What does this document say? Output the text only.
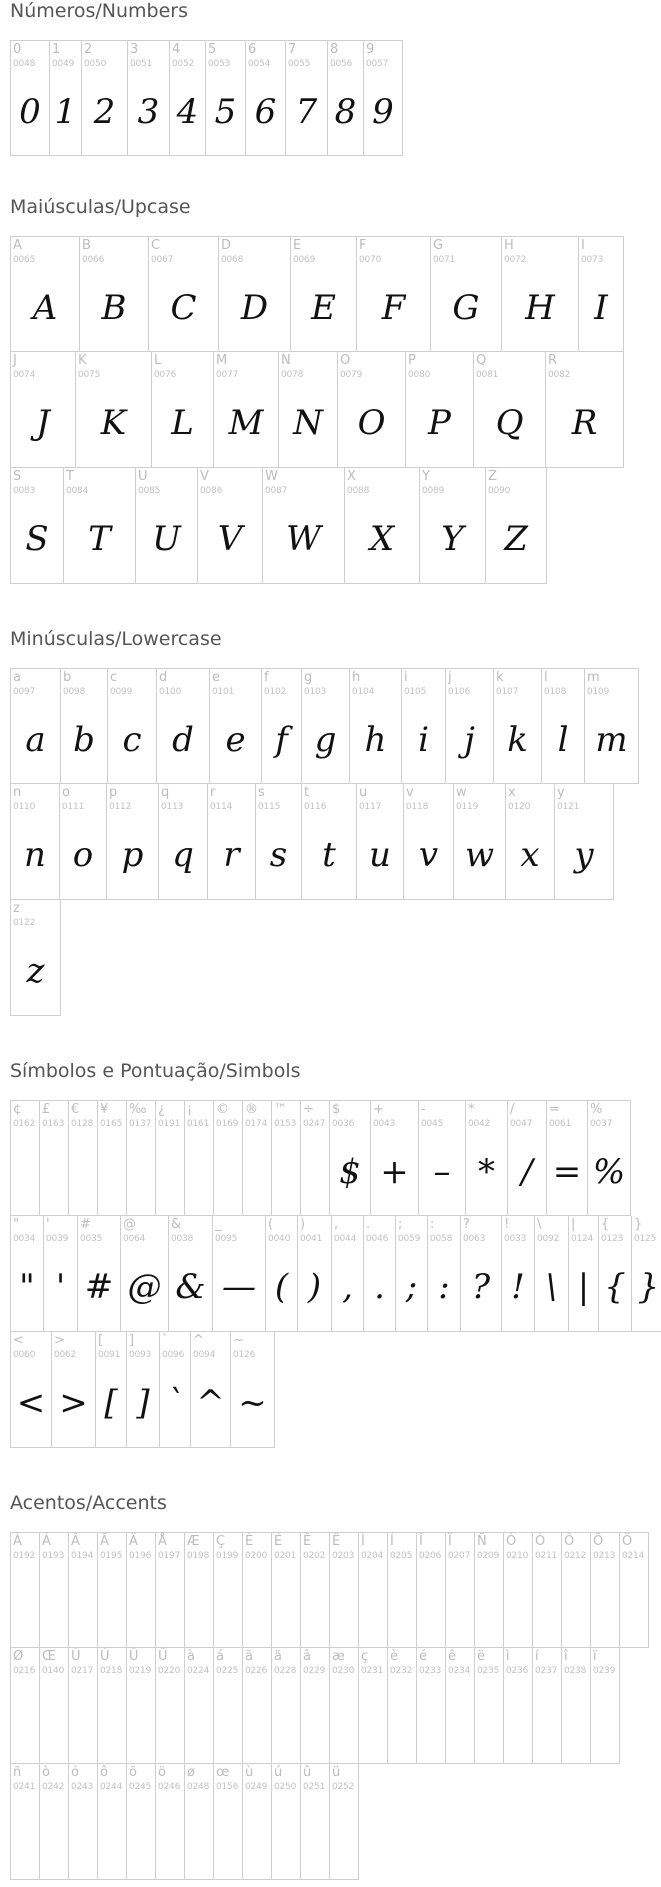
Números/Numbers
0
0048
0
1
0049
1
2
0050
2
3
0051
3
4
0052
4
5
0053
5
6
0054
6
7
0055
7
8
0056
8
9
0057
9
Maiúsculas/Upcase
A
0065
A
B
0066
B
C
0067
C
D
0068
D
E
0069
E
F
0070
F
G
0071
G
H
0072
H
I
0073
I
J
0074
J
K
0075
K
L
0076
L
M
0077
M
N
0078
N
O
0079
O
P
0080
P
Q
0081
Q
R
0082
R
S
0083
S
T
0084
T
U
0085
U
V
0086
V
W
0087
W
X
0088
X
Y
0089
Y
Z
0090
Z
Minúsculas/Lowercase
a
0097
a
b
0098
b
c
0099
c
d
0100
d
e
0101
e
f
0102
f
g
0103
g
h
0104
h
i
0105
i
j
0106
j
k
0107
k
l
0108
l
m
0109
m
n
0110
n
o
0111
o
p
0112
p
q
0113
q
r
0114
r
s
0115
s
t
0116
t
u
0117
u
v
0118
v
w
0119
w
x
0120
x
y
0121
y
z
0122
z
Símbolos e Pontuação/Simbols
¢
0162
£
0163
€
0128
¥
0165
‰
0137
¿
0191
¡
0161
©
0169
®
0174
™
0153
÷
0247
$
0036
$
+
0043
+
-
0045
–
*
0042
*
/
0047
/
=
0061
=
%
0037
%
"
0034
"
'
0039
'
#
0035
#
@
0064
@
&
0038
&
_
0095
—
(
0040
(
)
0041
)
,
0044
,
.
0046
.
;
0059
;
:
0058
:
?
0063
?
!
0033
!
\
0092
\
|
0124
|
{
0123
{
}
0125
}
<
0060
<
>
0062
>
[
0091
[
]
0093
]
`
0096
`
^
0094
^
~
0126
~
Acentos/Accents
À
0192
Á
0193
Â
0194
Ã
0195
Ä
0196
Å
0197
Æ
0198
Ç
0199
È
0200
É
0201
Ê
0202
Ë
0203
Ì
0204
Í
0205
Î
0206
Ï
0207
Ñ
0209
Ò
0210
Ó
0211
Ô
0212
Õ
0213
Ö
0214
Ø
0216
Œ
0140
Ù
0217
Ú
0218
Û
0219
Ü
0220
à
0224
á
0225
ã
0226
ä
0228
â
0229
æ
0230
ç
0231
è
0232
é
0233
ê
0234
ë
0235
ì
0236
í
0237
î
0238
ï
0239
ñ
0241
ò
0242
ó
0243
ô
0244
õ
0245
ö
0246
ø
0248
œ
0156
ù
0249
ú
0250
û
0251
ü
0252
